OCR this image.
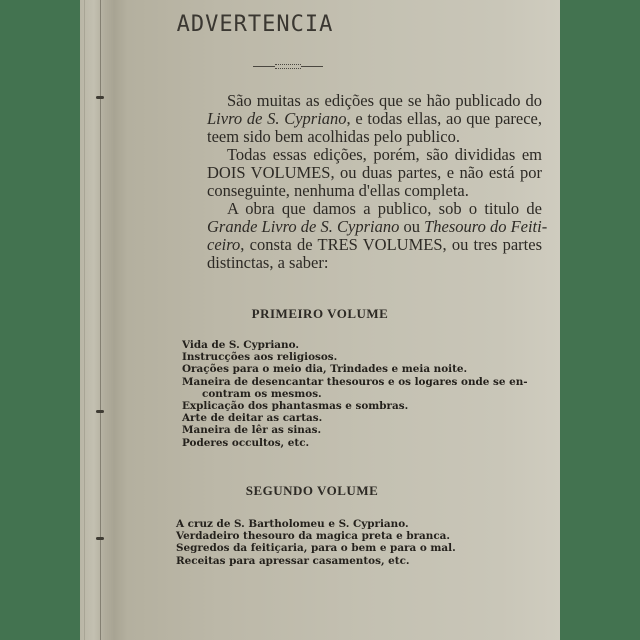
ADVERTENCIA

São muitas as edições que se hão publicado do
Livro de S. Cypriano, e todas ellas, ao que parece,
teem sido bem acolhidas pelo publico.

Todas essas edições, porém, são divididas em
DOIS VOLUMES, ou duas partes, e não está por
conseguinte, nenhuma d'ellas completa.

A obra que damos a publico, sob o titulo de
Grande Livro de S. Cypriano ou Thesouro do Feiti-
ceiro, consta de TRES VOLUMES, ou tres partes
distinctas, a saber:

PRIMEIRO VOLUME
Vida de S. Cypriano.
Instrucções aos religiosos.
Orações para o meio dia, Trindades e meia noite.
Maneira de desencantar thesouros e os logares onde se en-
contram os mesmos.
Explicação dos phantasmas e sombras.
Arte de deitar as cartas.
Maneira de lêr as sinas.
Poderes occultos, etc.
SEGUNDO VOLUME
A cruz de S. Bartholomeu e S. Cypriano.
Verdadeiro thesouro da magica preta e branca.
Segredos da feitiçaria, para o bem e para o mal.
Receitas para apressar casamentos, etc.
